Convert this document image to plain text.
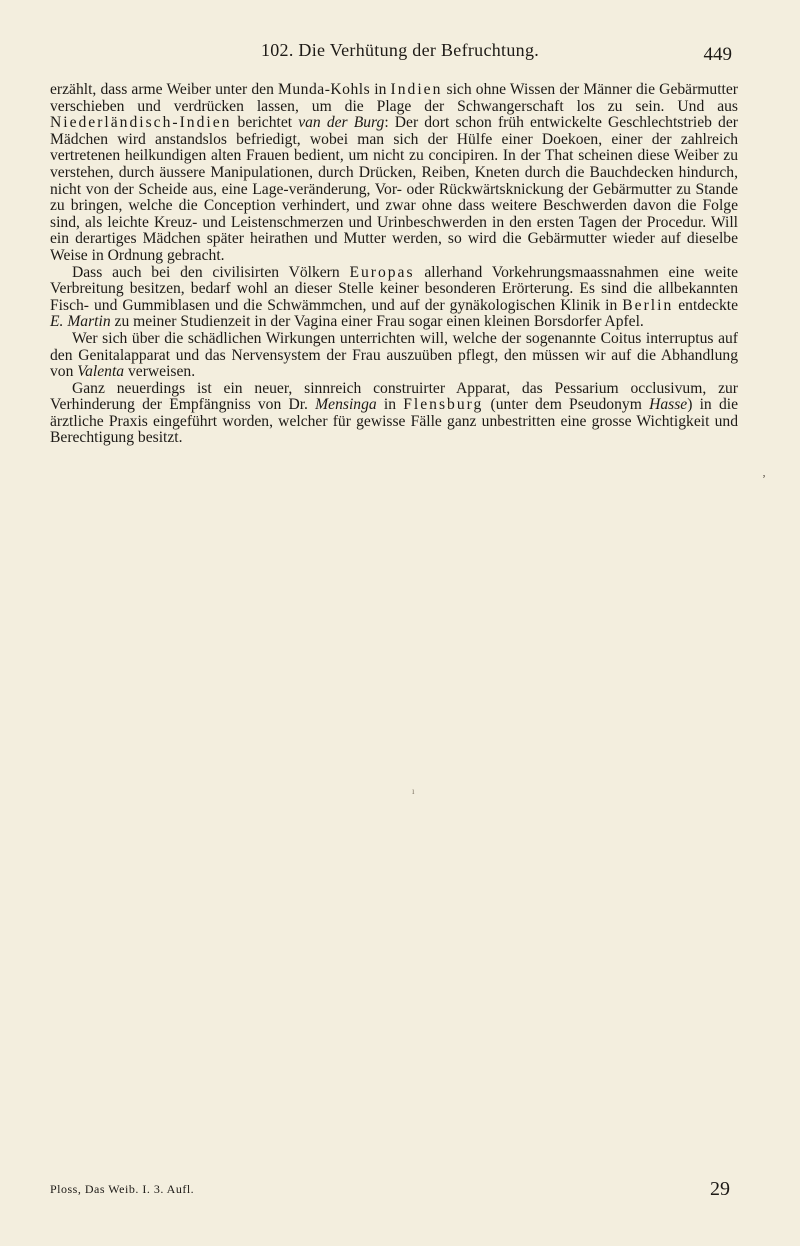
102. Die Verhütung der Befruchtung.	449

erzählt, dass arme Weiber unter den Munda-Kohls in Indien sich ohne Wissen der Männer die Gebärmutter verschieben und verdrücken lassen, um die Plage der Schwangerschaft los zu sein. Und aus Niederländisch-Indien berichtet van der Burg: Der dort schon früh entwickelte Geschlechtstrieb der Mädchen wird anstandslos befriedigt, wobei man sich der Hülfe einer Doekoen, einer der zahlreich vertretenen heilkundigen alten Frauen bedient, um nicht zu concipiren. In der That scheinen diese Weiber zu verstehen, durch äussere Manipulationen, durch Drücken, Reiben, Kneten durch die Bauchdecken hindurch, nicht von der Scheide aus, eine Lage-veränderung, Vor- oder Rückwärtsknickung der Gebärmutter zu Stande zu bringen, welche die Conception verhindert, und zwar ohne dass weitere Beschwerden davon die Folge sind, als leichte Kreuz- und Leistenschmerzen und Urinbeschwerden in den ersten Tagen der Procedur. Will ein derartiges Mädchen später heirathen und Mutter werden, so wird die Gebärmutter wieder auf dieselbe Weise in Ordnung gebracht.

Dass auch bei den civilisirten Völkern Europas allerhand Vorkehrungsmaassnahmen eine weite Verbreitung besitzen, bedarf wohl an dieser Stelle keiner besonderen Erörterung. Es sind die allbekannten Fisch- und Gummiblasen und die Schwämmchen, und auf der gynäkologischen Klinik in Berlin entdeckte E. Martin zu meiner Studienzeit in der Vagina einer Frau sogar einen kleinen Borsdorfer Apfel.

Wer sich über die schädlichen Wirkungen unterrichten will, welche der sogenannte Coitus interruptus auf den Genitalapparat und das Nervensystem der Frau auszuüben pflegt, den müssen wir auf die Abhandlung von Valenta verweisen.

Ganz neuerdings ist ein neuer, sinnreich construirter Apparat, das Pessarium occlusivum, zur Verhinderung der Empfängniss von Dr. Mensinga in Flensburg (unter dem Pseudonym Hasse) in die ärztliche Praxis eingeführt worden, welcher für gewisse Fälle ganz unbestritten eine grosse Wichtigkeit und Berechtigung besitzt.

ʼ
ı
Ploss, Das Weib. I. 3. Aufl.	29
